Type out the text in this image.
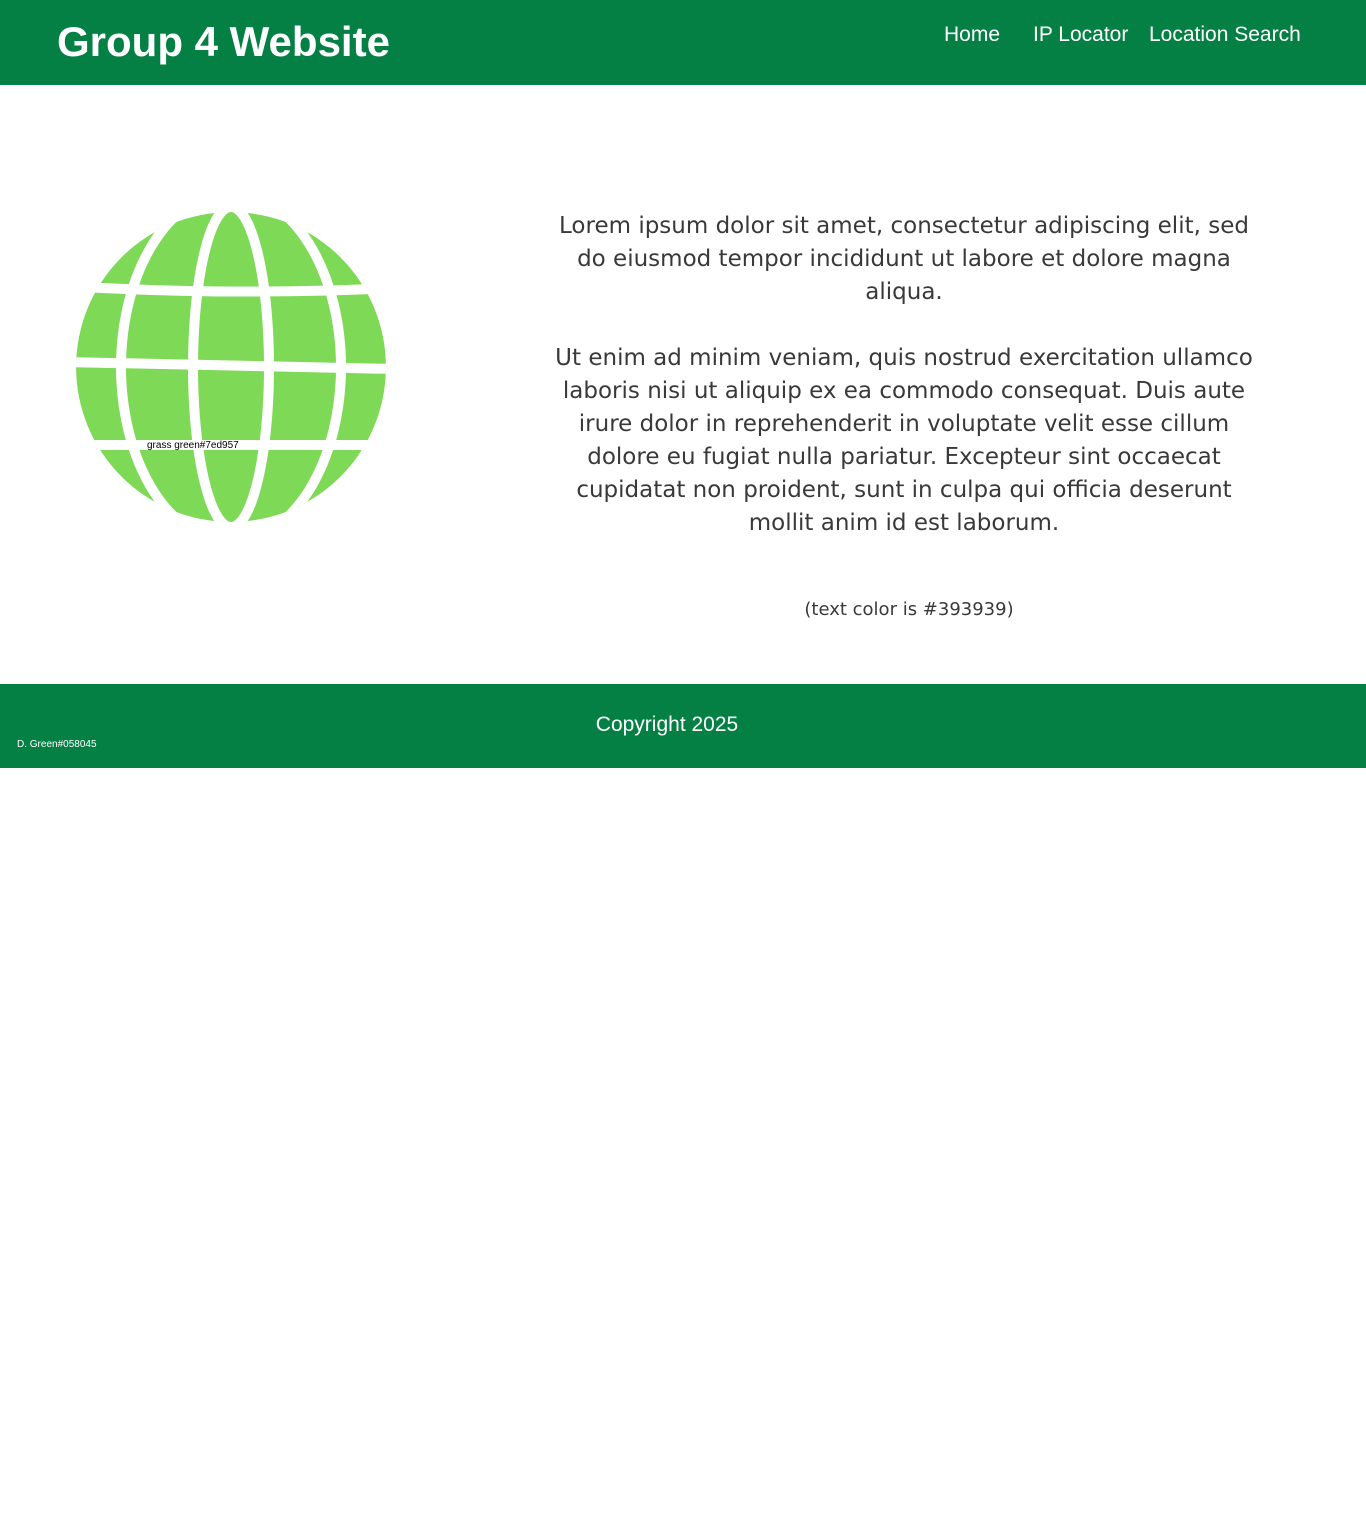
Group 4 Website	Home IP Locator Location Search
grass green#7ed957

Lorem ipsum dolor sit amet, consectetur adipiscing elit, sed do eiusmod tempor incididunt ut labore et dolore magna aliqua.

Ut enim ad minim veniam, quis nostrud exercitation ullamco laboris nisi ut aliquip ex ea commodo consequat. Duis aute irure dolor in reprehenderit in voluptate velit esse cillum dolore eu fugiat nulla pariatur. Excepteur sint occaecat cupidatat non proident, sunt in culpa qui officia deserunt mollit anim id est laborum.

(text color is #393939)
Copyright 2025
D. Green#058045
